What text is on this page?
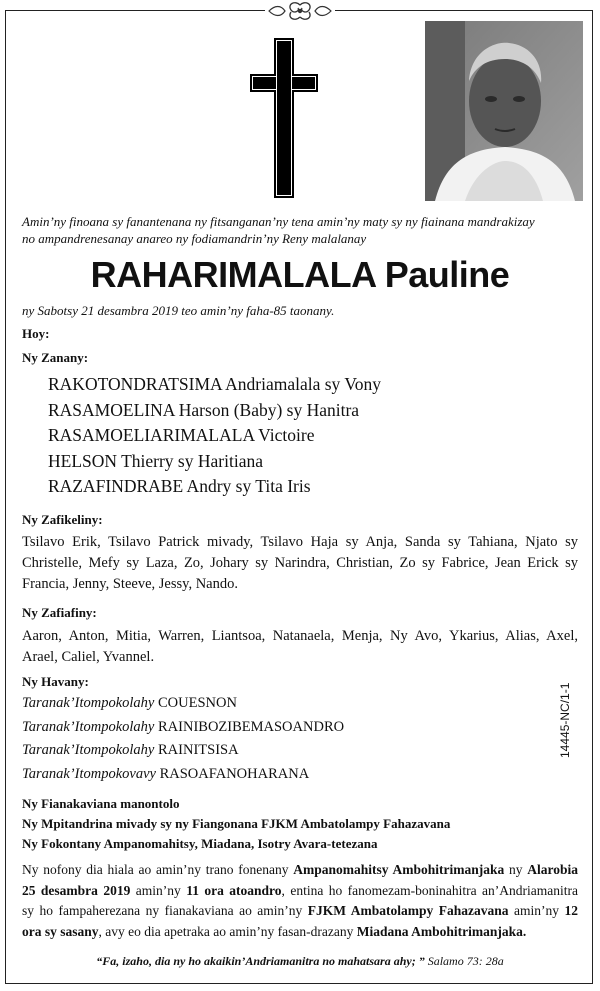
Amin’ny finoana sy fanantenana ny fitsanganan’ny tena amin’ny maty sy ny fiainana mandrakizay
no ampandrenesanay anareo ny fodiamandrin’ny Reny malalanay
RAHARIMALALA Pauline
ny Sabotsy 21 desambra 2019 teo amin’ny faha-85 taonany.
Hoy:
Ny Zanany:
RAKOTONDRATSIMA Andriamalala sy Vony
RASAMOELINA Harson (Baby) sy Hanitra
RASAMOELIARIMALALA Victoire
HELSON Thierry sy Haritiana
RAZAFINDRABE Andry sy Tita Iris
Ny Zafikeliny:
Tsilavo Erik, Tsilavo Patrick mivady, Tsilavo Haja sy Anja, Sanda sy Tahiana, Njato sy
Christelle, Mefy sy Laza, Zo, Johary sy Narindra, Christian, Zo sy Fabrice, Jean Erick sy
Francia, Jenny, Steeve, Jessy, Nando.
Ny Zafiafiny:
Aaron, Anton, Mitia, Warren, Liantsoa, Natanaela, Menja, Ny Avo, Ykarius, Alias, Axel,
Arael, Caliel, Yvannel.
Ny Havany:
Taranak’Itompokolahy COUESNON
Taranak’Itompokolahy RAINIBOZIBEMASOANDRO
Taranak’Itompokolahy RAINITSISA
Taranak’Itompokovavy RASOAFANOHARANA
Ny Fianakaviana manontolo
Ny Mpitandrina mivady sy ny Fiangonana FJKM Ambatolampy Fahazavana
Ny Fokontany Ampanomahitsy, Miadana, Isotry Avara-tetezana
Ny nofony dia hiala ao amin’ny trano fonenany Ampanomahitsy Ambohitrimanjaka ny Alarobia
25 desambra 2019 amin’ny 11 ora atoandro, entina ho fanomezam-boninahitra an’Andriamanitra
sy ho fampaherezana ny fianakaviana ao amin’ny FJKM Ambatolampy Fahazavana amin’ny 12
ora sy sasany, avy eo dia apetraka ao amin’ny fasan-drazany Miadana Ambohitrimanjaka.
“Fa, izaho, dia ny ho akaikin’Andriamanitra no mahatsara ahy; ” Salamo 73: 28a
14445-NC/1-1
